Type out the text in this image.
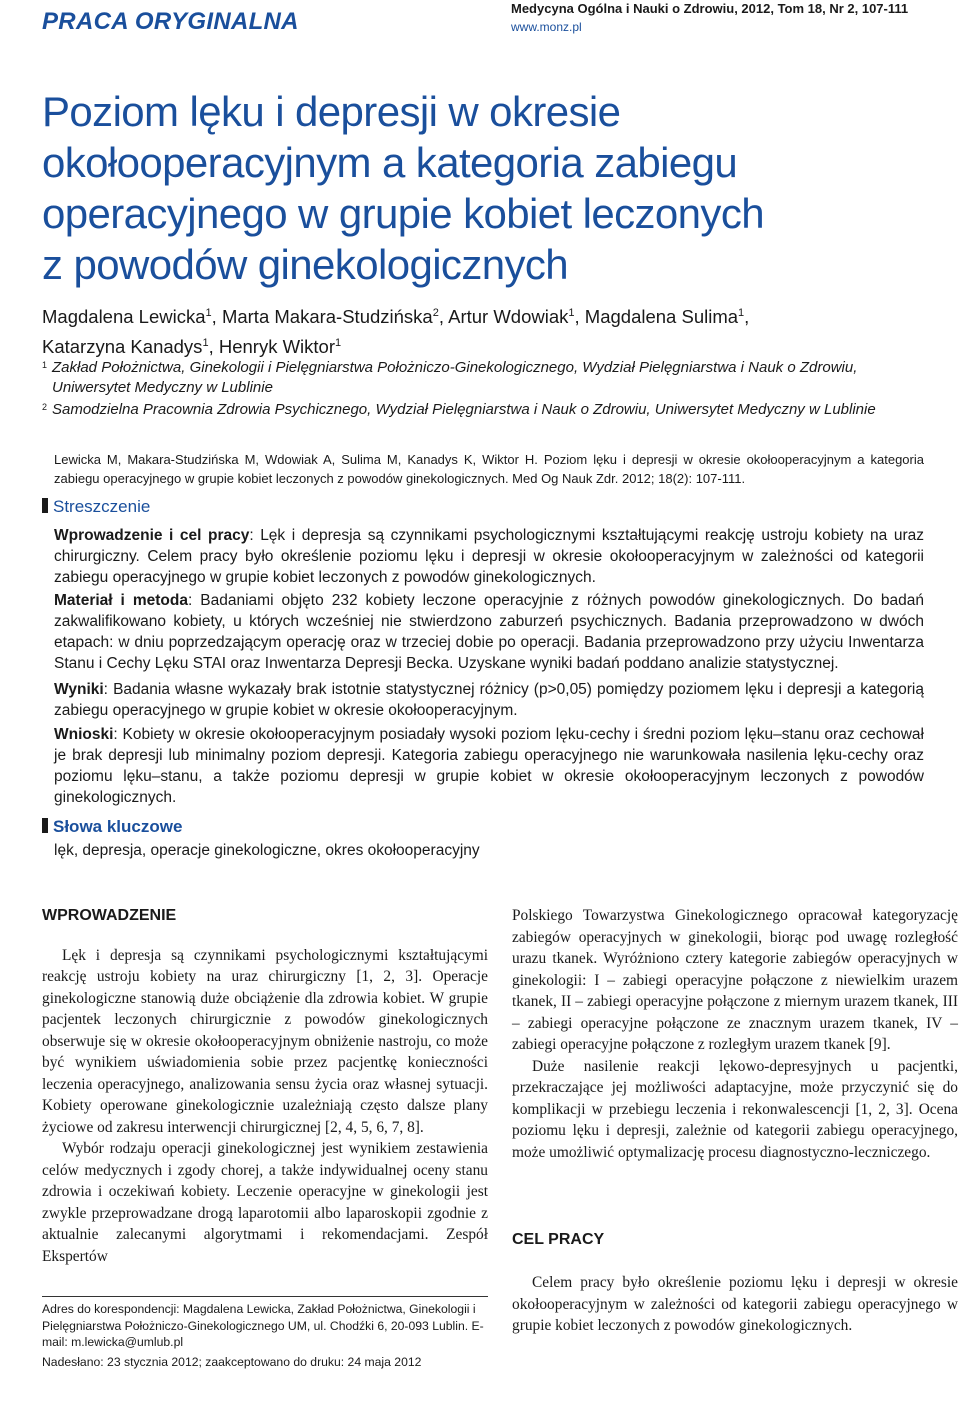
PRACA ORYGINALNA	Medycyna Ogólna i Nauki o Zdrowiu, 2012, Tom 18, Nr 2, 107-111
www.monz.pl
Poziom lęku i depresji w okresie
okołooperacyjnym a kategoria zabiegu
operacyjnego w grupie kobiet leczonych
z powodów ginekologicznych
Magdalena Lewicka$^1$, Marta Makara-Studzińska$^2$, Artur Wdowiak$^1$, Magdalena Sulima$^1$,
Katarzyna Kanadys$^1$, Henryk Wiktor$^1$
1 Zakład Położnictwa, Ginekologii i Pielęgniarstwa Położniczo-Ginekologicznego, Wydział Pielęgniarstwa i Nauk o Zdrowiu, Uniwersytet Medyczny w Lublinie
2 Samodzielna Pracownia Zdrowia Psychicznego, Wydział Pielęgniarstwa i Nauk o Zdrowiu, Uniwersytet Medyczny w Lublinie
Lewicka M, Makara-Studzińska M, Wdowiak A, Sulima M, Kanadys K, Wiktor H. Poziom lęku i depresji w okresie okołooperacyjnym a kategoria zabiegu operacyjnego w grupie kobiet leczonych z powodów ginekologicznych. Med Og Nauk Zdr. 2012; 18(2): 107-111.
Streszczenie
Wprowadzenie i cel pracy: Lęk i depresja są czynnikami psychologicznymi kształtującymi reakcję ustroju kobiety na uraz chirurgiczny. Celem pracy było określenie poziomu lęku i depresji w okresie okołooperacyjnym w zależności od kategorii zabiegu operacyjnego w grupie kobiet leczonych z powodów ginekologicznych.
Materiał i metoda: Badaniami objęto 232 kobiety leczone operacyjnie z różnych powodów ginekologicznych. Do badań zakwalifikowano kobiety, u których wcześniej nie stwierdzono zaburzeń psychicznych. Badania przeprowadzono w dwóch etapach: w dniu poprzedzającym operację oraz w trzeciej dobie po operacji. Badania przeprowadzono przy użyciu Inwentarza Stanu i Cechy Lęku STAI oraz Inwentarza Depresji Becka. Uzyskane wyniki badań poddano analizie statystycznej.
Wyniki: Badania własne wykazały brak istotnie statystycznej różnicy (p>0,05) pomiędzy poziomem lęku i depresji a kategorią zabiegu operacyjnego w grupie kobiet w okresie okołooperacyjnym.
Wnioski: Kobiety w okresie okołooperacyjnym posiadały wysoki poziom lęku-cechy i średni poziom lęku–stanu oraz cechował je brak depresji lub minimalny poziom depresji. Kategoria zabiegu operacyjnego nie warunkowała nasilenia lęku-cechy oraz poziomu lęku–stanu, a także poziomu depresji w grupie kobiet w okresie okołooperacyjnym leczonych z powodów ginekologicznych.
Słowa kluczowe
lęk, depresja, operacje ginekologiczne, okres okołooperacyjny
WPROWADZENIE

Lęk i depresja są czynnikami psychologicznymi kształtującymi reakcję ustroju kobiety na uraz chirurgiczny [1, 2, 3]. Operacje ginekologiczne stanowią duże obciążenie dla zdrowia kobiet. W grupie pacjentek leczonych chirurgicznie z powodów ginekologicznych obserwuje się w okresie okołooperacyjnym obniżenie nastroju, co może być wynikiem uświadomienia sobie przez pacjentkę konieczności leczenia operacyjnego, analizowania sensu życia oraz własnej sytuacji. Kobiety operowane ginekologicznie uzależniają często dalsze plany życiowe od zakresu interwencji chirurgicznej [2, 4, 5, 6, 7, 8].

Wybór rodzaju operacji ginekologicznej jest wynikiem zestawienia celów medycznych i zgody chorej, a także indywidualnej oceny stanu zdrowia i oczekiwań kobiety. Leczenie operacyjne w ginekologii jest zwykle przeprowadzane drogą laparotomii albo laparoskopii zgodnie z aktualnie zalecanymi algorytmami i rekomendacjami. Zespół Ekspertów

Polskiego Towarzystwa Ginekologicznego opracował kategoryzację zabiegów operacyjnych w ginekologii, biorąc pod uwagę rozległość urazu tkanek. Wyróżniono cztery kategorie zabiegów operacyjnych w ginekologii: I – zabiegi operacyjne połączone z niewielkim urazem tkanek, II – zabiegi operacyjne połączone z miernym urazem tkanek, III – zabiegi operacyjne połączone ze znacznym urazem tkanek, IV – zabiegi operacyjne połączone z rozległym urazem tkanek [9].

Duże nasilenie reakcji lękowo-depresyjnych u pacjentki, przekraczające jej możliwości adaptacyjne, może przyczynić się do komplikacji w przebiegu leczenia i rekonwalescencji [1, 2, 3]. Ocena poziomu lęku i depresji, zależnie od kategorii zabiegu operacyjnego, może umożliwić optymalizację procesu diagnostyczno-leczniczego.

CEL PRACY
Celem pracy było określenie poziomu lęku i depresji w okresie okołooperacyjnym w zależności od kategorii zabiegu operacyjnego w grupie kobiet leczonych z powodów ginekologicznych.
Adres do korespondencji: Magdalena Lewicka, Zakład Położnictwa, Ginekologii i Pielęgniarstwa Położniczo-Ginekologicznego UM, ul. Chodźki 6, 20-093 Lublin. E-mail: m.lewicka@umlub.pl
Nadesłano: 23 stycznia 2012; zaakceptowano do druku: 24 maja 2012
